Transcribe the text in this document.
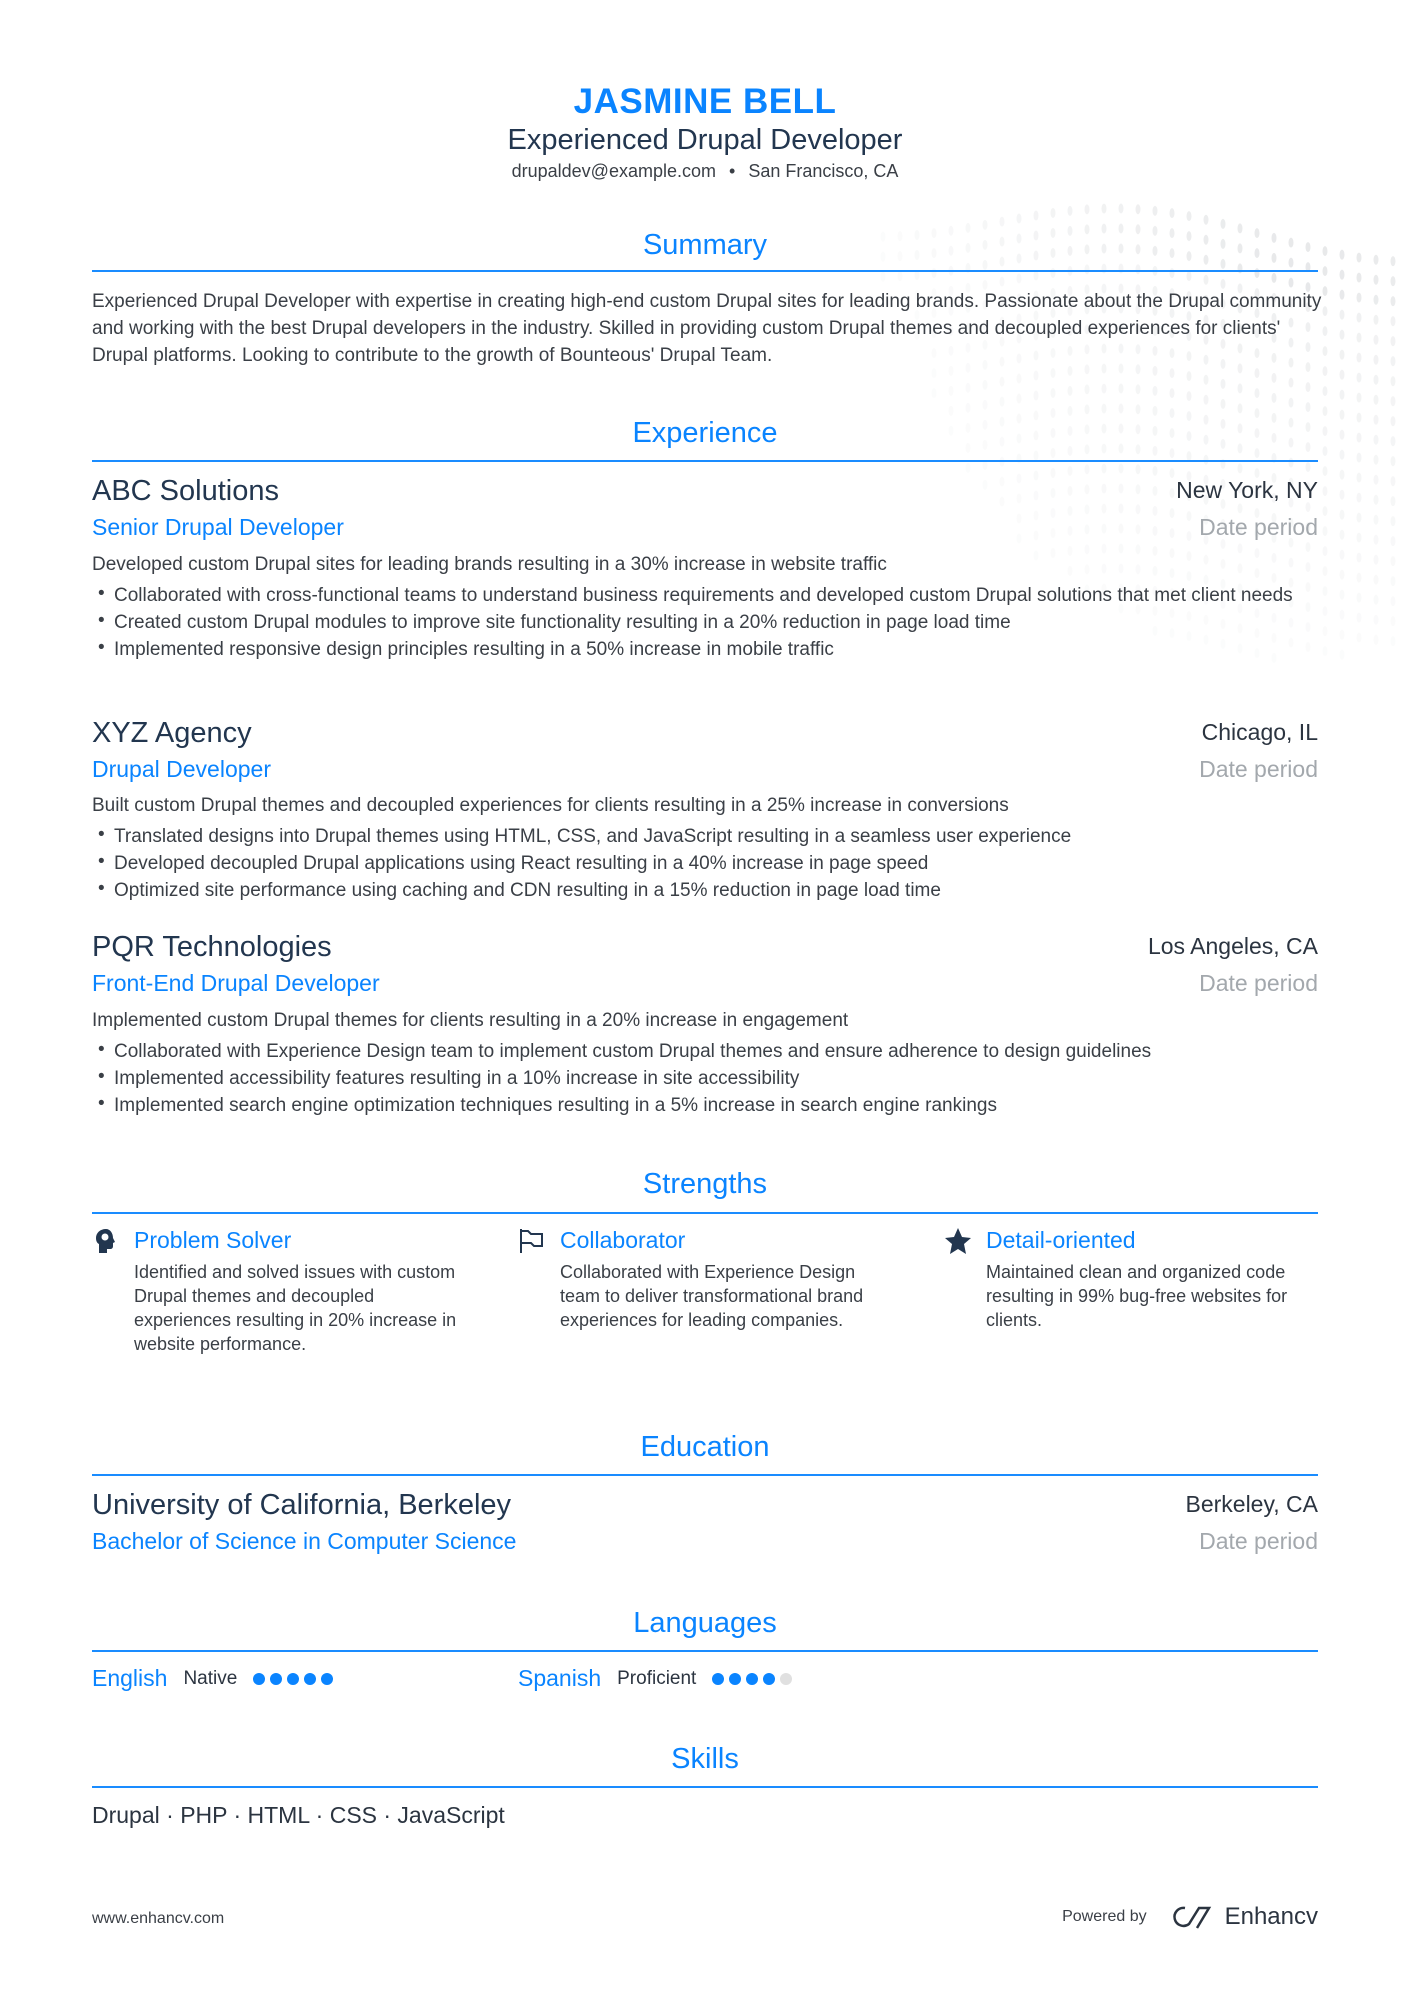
JASMINE BELL
Experienced Drupal Developer
drupaldev@example.com • San Francisco, CA
Summary
Experienced Drupal Developer with expertise in creating high-end custom Drupal sites for leading brands. Passionate about the Drupal community and working with the best Drupal developers in the industry. Skilled in providing custom Drupal themes and decoupled experiences for clients' Drupal platforms. Looking to contribute to the growth of Bounteous' Drupal Team.
Experience
ABC Solutions	New York, NY
Senior Drupal Developer	Date period
Developed custom Drupal sites for leading brands resulting in a 30% increase in website traffic
• Collaborated with cross-functional teams to understand business requirements and developed custom Drupal solutions that met client needs
• Created custom Drupal modules to improve site functionality resulting in a 20% reduction in page load time
• Implemented responsive design principles resulting in a 50% increase in mobile traffic
XYZ Agency	Chicago, IL
Drupal Developer	Date period
Built custom Drupal themes and decoupled experiences for clients resulting in a 25% increase in conversions
• Translated designs into Drupal themes using HTML, CSS, and JavaScript resulting in a seamless user experience
• Developed decoupled Drupal applications using React resulting in a 40% increase in page speed
• Optimized site performance using caching and CDN resulting in a 15% reduction in page load time
PQR Technologies	Los Angeles, CA
Front-End Drupal Developer	Date period
Implemented custom Drupal themes for clients resulting in a 20% increase in engagement
• Collaborated with Experience Design team to implement custom Drupal themes and ensure adherence to design guidelines
• Implemented accessibility features resulting in a 10% increase in site accessibility
• Implemented search engine optimization techniques resulting in a 5% increase in search engine rankings
Strengths
Problem Solver
Identified and solved issues with custom Drupal themes and decoupled experiences resulting in 20% increase in website performance.
Collaborator
Collaborated with Experience Design team to deliver transformational brand experiences for leading companies.
Detail-oriented
Maintained clean and organized code resulting in 99% bug-free websites for clients.
Education
University of California, Berkeley	Berkeley, CA
Bachelor of Science in Computer Science	Date period
Languages
English Native	Spanish Proficient
Skills
Drupal · PHP · HTML · CSS · JavaScript
www.enhancv.com	Powered by	Enhancv
